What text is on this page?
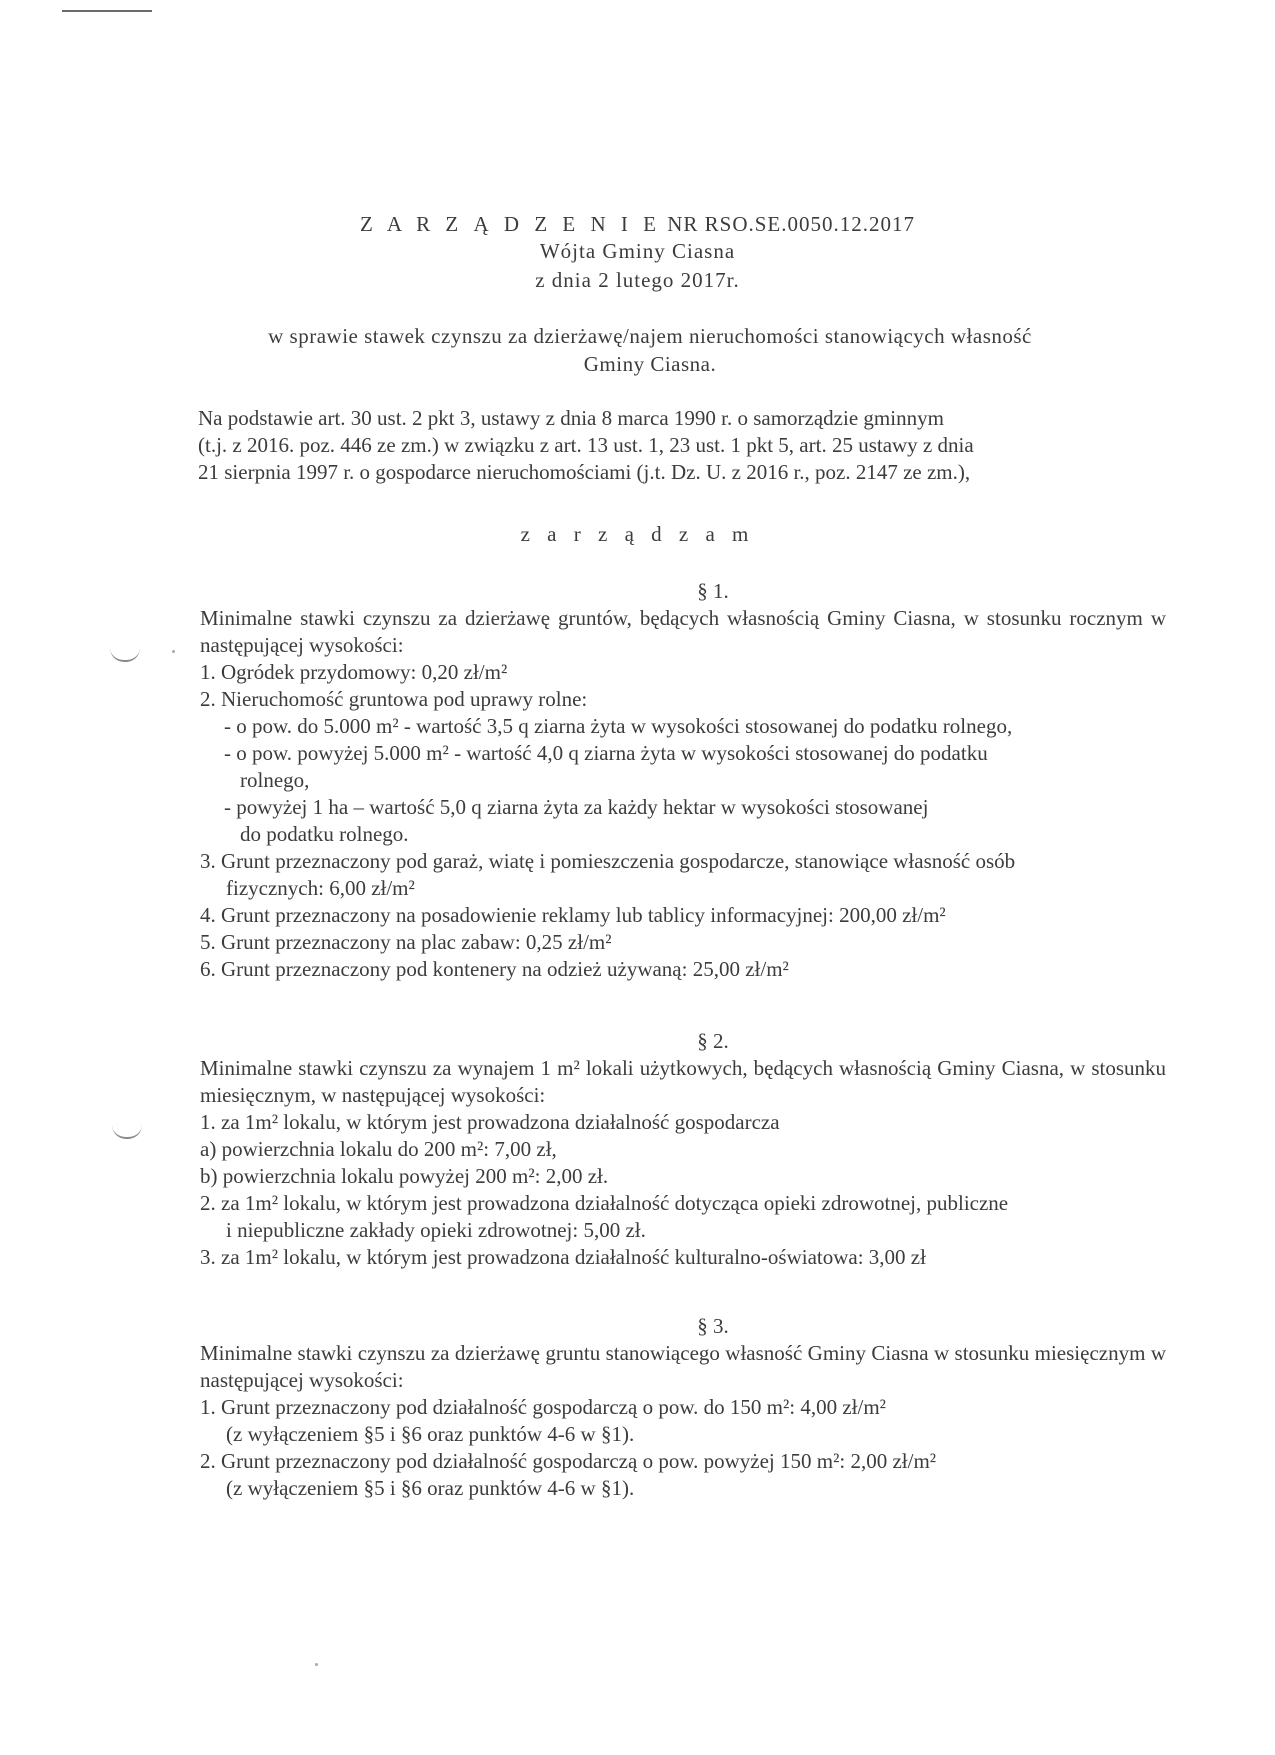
Z A R Z Ą D Z E N I E NR RSO.SE.0050.12.2017
Wójta Gminy Ciasna
z dnia 2 lutego 2017r.
w sprawie stawek czynszu za dzierżawę/najem nieruchomości stanowiących własność
Gminy Ciasna.
Na podstawie art. 30 ust. 2 pkt 3, ustawy z dnia 8 marca 1990 r. o samorządzie gminnym
(t.j. z 2016. poz. 446 ze zm.) w związku z art. 13 ust. 1, 23 ust. 1 pkt 5, art. 25 ustawy z dnia
21 sierpnia 1997 r. o gospodarce nieruchomościami (j.t. Dz. U. z 2016 r., poz. 2147 ze zm.),
z a r z ą d z a m
§ 1.
Minimalne stawki czynszu za dzierżawę gruntów, będących własnością Gminy Ciasna, w stosunku rocznym w następującej wysokości:
1. Ogródek przydomowy: 0,20 zł/m²
2. Nieruchomość gruntowa pod uprawy rolne:
- o pow. do 5.000 m² - wartość 3,5 q ziarna żyta w wysokości stosowanej do podatku rolnego,
- o pow. powyżej 5.000 m² - wartość 4,0 q ziarna żyta w wysokości stosowanej do podatku
rolnego,
- powyżej 1 ha – wartość 5,0 q ziarna żyta za każdy hektar w wysokości stosowanej
do podatku rolnego.
3. Grunt przeznaczony pod garaż, wiatę i pomieszczenia gospodarcze, stanowiące własność osób
fizycznych: 6,00 zł/m²
4. Grunt przeznaczony na posadowienie reklamy lub tablicy informacyjnej: 200,00 zł/m²
5. Grunt przeznaczony na plac zabaw: 0,25 zł/m²
6. Grunt przeznaczony pod kontenery na odzież używaną: 25,00 zł/m²
§ 2.
Minimalne stawki czynszu za wynajem 1 m² lokali użytkowych, będących własnością Gminy Ciasna, w stosunku miesięcznym, w następującej wysokości:
1. za 1m² lokalu, w którym jest prowadzona działalność gospodarcza
a) powierzchnia lokalu do 200 m²: 7,00 zł,
b) powierzchnia lokalu powyżej 200 m²: 2,00 zł.
2. za 1m² lokalu, w którym jest prowadzona działalność dotycząca opieki zdrowotnej, publiczne
i niepubliczne zakłady opieki zdrowotnej: 5,00 zł.
3. za 1m² lokalu, w którym jest prowadzona działalność kulturalno-oświatowa: 3,00 zł
§ 3.
Minimalne stawki czynszu za dzierżawę gruntu stanowiącego własność Gminy Ciasna w stosunku miesięcznym w następującej wysokości:
1. Grunt przeznaczony pod działalność gospodarczą o pow. do 150 m²: 4,00 zł/m²
(z wyłączeniem §5 i §6 oraz punktów 4-6 w §1).
2. Grunt przeznaczony pod działalność gospodarczą o pow. powyżej 150 m²: 2,00 zł/m²
(z wyłączeniem §5 i §6 oraz punktów 4-6 w §1).
